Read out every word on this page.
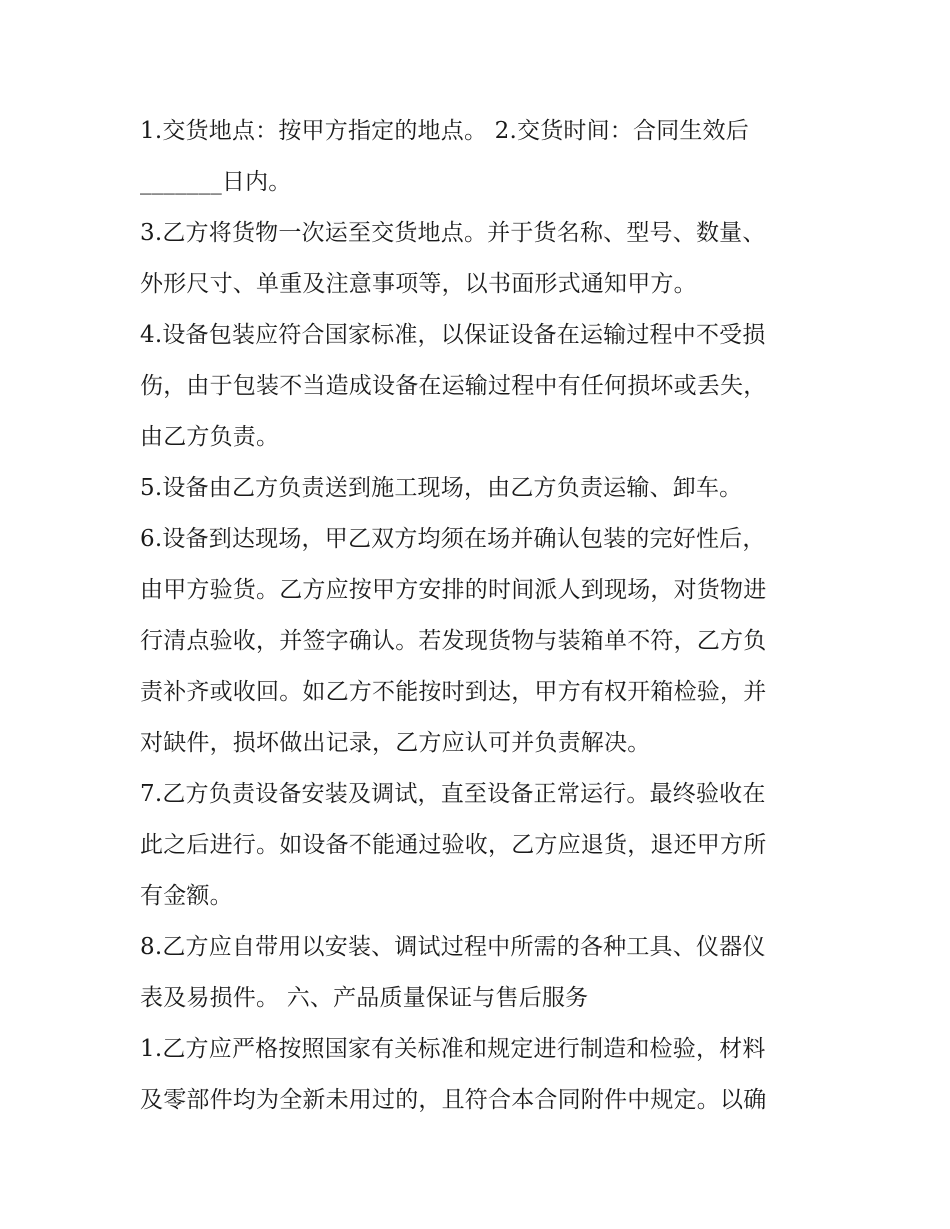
1.交货地点：按甲方指定的地点。 2.交货时间：合同生效后
_______日内。
3.乙方将货物一次运至交货地点。并于货名称、型号、数量、
外形尺寸、单重及注意事项等，以书面形式通知甲方。
4.设备包装应符合国家标准，以保证设备在运输过程中不受损
伤，由于包装不当造成设备在运输过程中有任何损坏或丢失，
由乙方负责。
5.设备由乙方负责送到施工现场，由乙方负责运输、卸车。
6.设备到达现场，甲乙双方均须在场并确认包装的完好性后，
由甲方验货。乙方应按甲方安排的时间派人到现场，对货物进
行清点验收，并签字确认。若发现货物与装箱单不符，乙方负
责补齐或收回。如乙方不能按时到达，甲方有权开箱检验，并
对缺件，损坏做出记录，乙方应认可并负责解决。
7.乙方负责设备安装及调试，直至设备正常运行。最终验收在
此之后进行。如设备不能通过验收，乙方应退货，退还甲方所
有金额。
8.乙方应自带用以安装、调试过程中所需的各种工具、仪器仪
表及易损件。 六、产品质量保证与售后服务
1.乙方应严格按照国家有关标准和规定进行制造和检验，材料
及零部件均为全新未用过的，且符合本合同附件中规定。以确
